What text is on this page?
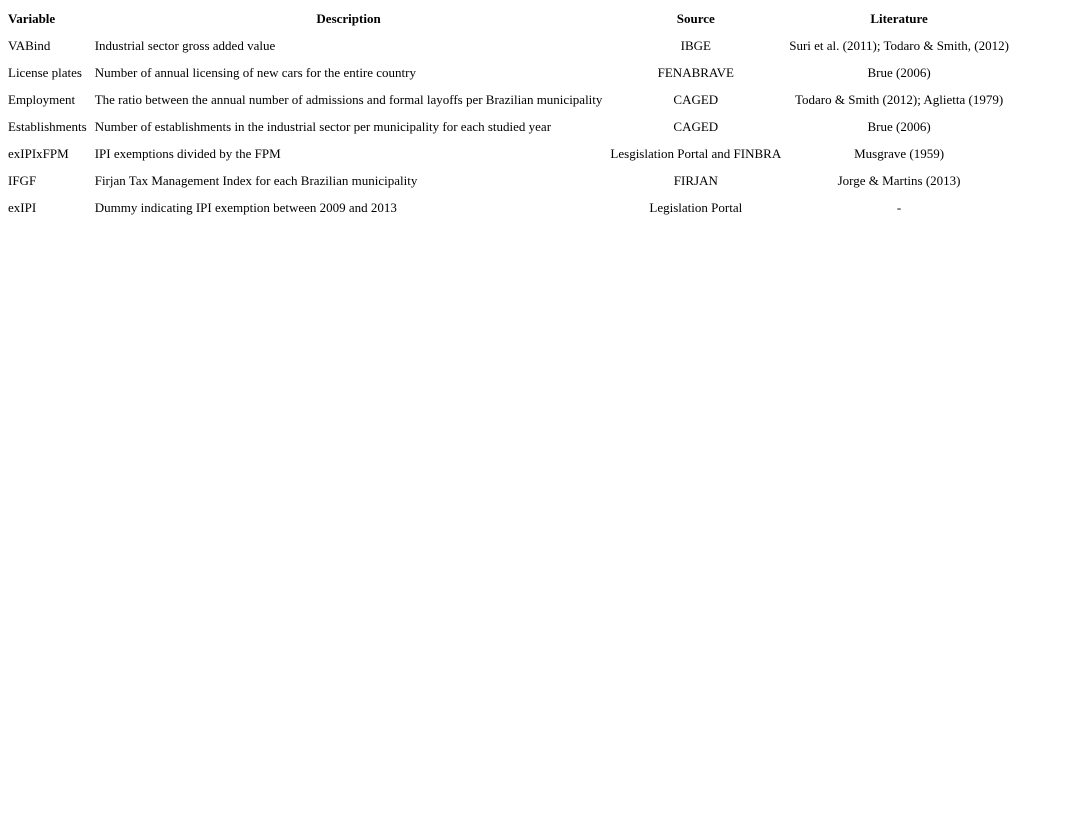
Variable	Description	Source	Literature
VABind	Industrial sector gross added value	IBGE	Suri et al. (2011); Todaro & Smith, (2012)
License plates	Number of annual licensing of new cars for the entire country	FENABRAVE	Brue (2006)
Employment	The ratio between the annual number of admissions and formal layoffs per Brazilian municipality	CAGED	Todaro & Smith (2012); Aglietta (1979)
Establishments	Number of establishments in the industrial sector per municipality for each studied year	CAGED	Brue (2006)
exIPIxFPM	IPI exemptions divided by the FPM	Lesgislation Portal and FINBRA	Musgrave (1959)
IFGF	Firjan Tax Management Index for each Brazilian municipality	FIRJAN	Jorge & Martins (2013)
exIPI	Dummy indicating IPI exemption between 2009 and 2013	Legislation Portal	-
